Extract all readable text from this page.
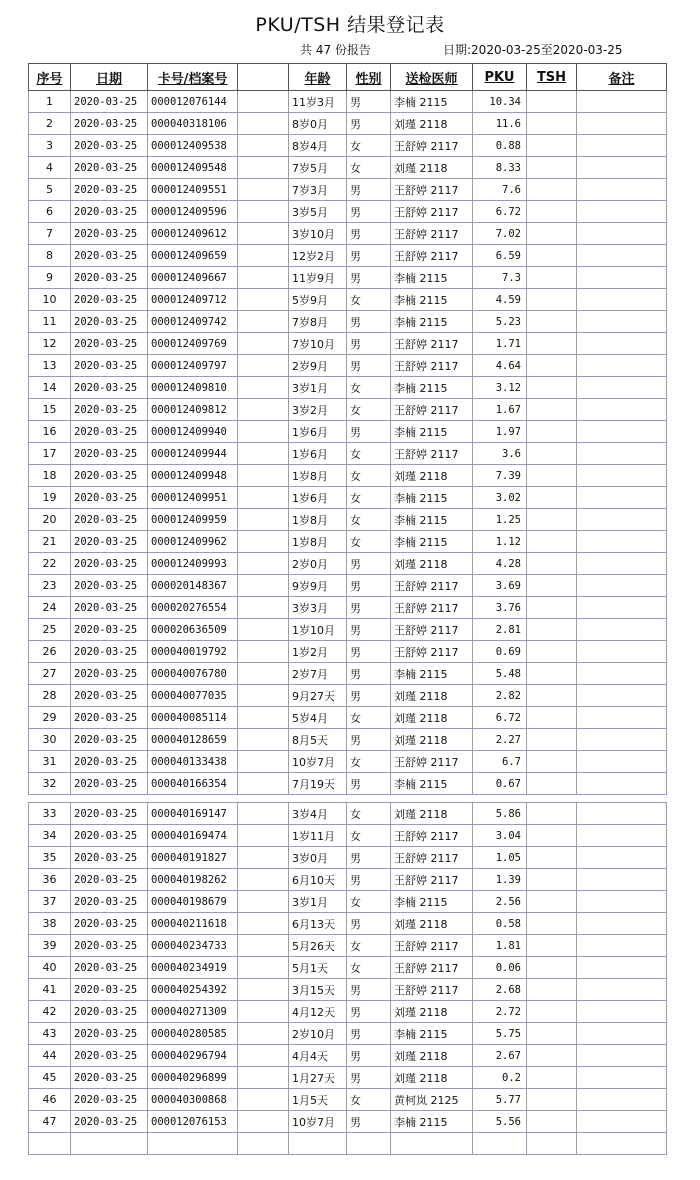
PKU/TSH 结果登记表
共 47 份报告	日期:2020-03-25至2020-03-25
序号	日期	卡号/档案号		年龄	性别	送检医师	PKU	TSH	备注
1	2020-03-25	000012076144		11岁3月	男	李楠 2115	10.34		
2	2020-03-25	000040318106		8岁0月	男	刘瑾 2118	11.6		
3	2020-03-25	000012409538		8岁4月	女	王舒婷 2117	0.88		
4	2020-03-25	000012409548		7岁5月	女	刘瑾 2118	8.33		
5	2020-03-25	000012409551		7岁3月	男	王舒婷 2117	7.6		
6	2020-03-25	000012409596		3岁5月	男	王舒婷 2117	6.72		
7	2020-03-25	000012409612		3岁10月	男	王舒婷 2117	7.02		
8	2020-03-25	000012409659		12岁2月	男	王舒婷 2117	6.59		
9	2020-03-25	000012409667		11岁9月	男	李楠 2115	7.3		
10	2020-03-25	000012409712		5岁9月	女	李楠 2115	4.59		
11	2020-03-25	000012409742		7岁8月	男	李楠 2115	5.23		
12	2020-03-25	000012409769		7岁10月	男	王舒婷 2117	1.71		
13	2020-03-25	000012409797		2岁9月	男	王舒婷 2117	4.64		
14	2020-03-25	000012409810		3岁1月	女	李楠 2115	3.12		
15	2020-03-25	000012409812		3岁2月	女	王舒婷 2117	1.67		
16	2020-03-25	000012409940		1岁6月	男	李楠 2115	1.97		
17	2020-03-25	000012409944		1岁6月	女	王舒婷 2117	3.6		
18	2020-03-25	000012409948		1岁8月	女	刘瑾 2118	7.39		
19	2020-03-25	000012409951		1岁6月	女	李楠 2115	3.02		
20	2020-03-25	000012409959		1岁8月	女	李楠 2115	1.25		
21	2020-03-25	000012409962		1岁8月	女	李楠 2115	1.12		
22	2020-03-25	000012409993		2岁0月	男	刘瑾 2118	4.28		
23	2020-03-25	000020148367		9岁9月	男	王舒婷 2117	3.69		
24	2020-03-25	000020276554		3岁3月	男	王舒婷 2117	3.76		
25	2020-03-25	000020636509		1岁10月	男	王舒婷 2117	2.81		
26	2020-03-25	000040019792		1岁2月	男	王舒婷 2117	0.69		
27	2020-03-25	000040076780		2岁7月	男	李楠 2115	5.48		
28	2020-03-25	000040077035		9月27天	男	刘瑾 2118	2.82		
29	2020-03-25	000040085114		5岁4月	女	刘瑾 2118	6.72		
30	2020-03-25	000040128659		8月5天	男	刘瑾 2118	2.27		
31	2020-03-25	000040133438		10岁7月	女	王舒婷 2117	6.7		
32	2020-03-25	000040166354		7月19天	男	李楠 2115	0.67		
33	2020-03-25	000040169147		3岁4月	女	刘瑾 2118	5.86		
34	2020-03-25	000040169474		1岁11月	女	王舒婷 2117	3.04		
35	2020-03-25	000040191827		3岁0月	男	王舒婷 2117	1.05		
36	2020-03-25	000040198262		6月10天	男	王舒婷 2117	1.39		
37	2020-03-25	000040198679		3岁1月	女	李楠 2115	2.56		
38	2020-03-25	000040211618		6月13天	男	刘瑾 2118	0.58		
39	2020-03-25	000040234733		5月26天	女	王舒婷 2117	1.81		
40	2020-03-25	000040234919		5月1天	女	王舒婷 2117	0.06		
41	2020-03-25	000040254392		3月15天	男	王舒婷 2117	2.68		
42	2020-03-25	000040271309		4月12天	男	刘瑾 2118	2.72		
43	2020-03-25	000040280585		2岁10月	男	李楠 2115	5.75		
44	2020-03-25	000040296794		4月4天	男	刘瑾 2118	2.67		
45	2020-03-25	000040296899		1月27天	男	刘瑾 2118	0.2		
46	2020-03-25	000040300868		1月5天	女	黄柯岚 2125	5.77		
47	2020-03-25	000012076153		10岁7月	男	李楠 2115	5.56		
